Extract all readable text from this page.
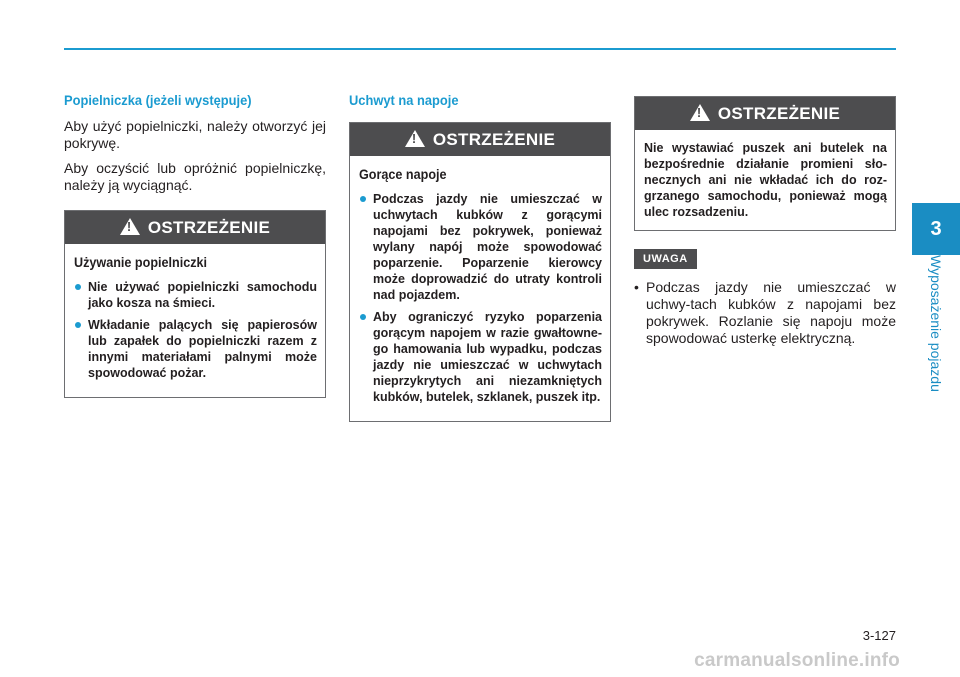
3
Wyposażenie pojazdu
Popielniczka (jeżeli występuje)

Aby użyć popielniczki, należy otworzyć jej pokrywę.

Aby oczyścić lub opróżnić popielniczkę, należy ją wyciągnąć.

!
OSTRZEŻENIE
Używanie popielniczki
Nie używać popielniczki samochodu jako kosza na śmieci.
Wkładanie palących się papierosów lub zapałek do popielniczki razem z innymi materiałami palnymi może spowodować pożar.
Uchwyt na napoje
!
OSTRZEŻENIE
Gorące napoje
Podczas jazdy nie umieszczać w uchwytach kubków z gorącymi napojami bez pokrywek, ponieważ wylany napój może spowodować poparzenie. Poparzenie kierowcy może doprowadzić do utraty kontroli nad pojazdem.
Aby ograniczyć ryzyko poparzenia gorącym napojem w razie gwałtowne-go hamowania lub wypadku, podczas jazdy nie umieszczać w uchwytach nieprzykrytych ani niezamkniętych kubków, butelek, szklanek, puszek itp.
!
OSTRZEŻENIE

Nie wystawiać puszek ani butelek na bezpośrednie działanie promieni sło-necznych ani nie wkładać ich do roz-grzanego samochodu, ponieważ mogą ulec rozsadzeniu.

UWAGA
• Podczas jazdy nie umieszczać w uchwy-tach kubków z napojami bez pokrywek. Rozlanie się napoju może spowodować usterkę elektryczną.
3-127
carmanualsonline.info
